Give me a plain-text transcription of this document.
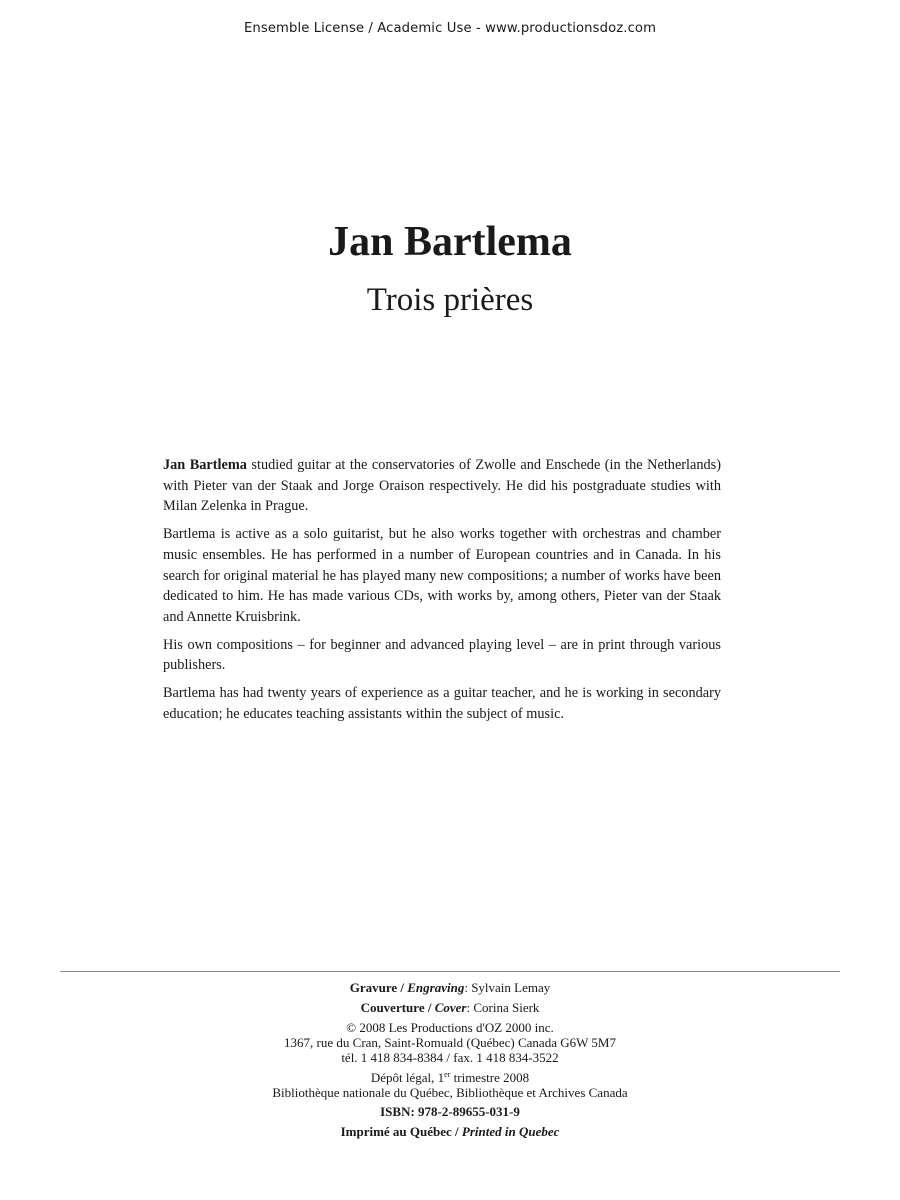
Ensemble License / Academic Use - www.productionsdoz.com
Jan Bartlema
Trois prières

Jan Bartlema studied guitar at the conservatories of Zwolle and Enschede (in the Netherlands) with Pieter van der Staak and Jorge Oraison respectively. He did his postgraduate studies with Milan Zelenka in Prague.

Bartlema is active as a solo guitarist, but he also works together with orchestras and chamber music ensembles. He has performed in a number of European countries and in Canada. In his search for original material he has played many new compositions; a number of works have been dedicated to him. He has made various CDs, with works by, among others, Pieter van der Staak and Annette Kruisbrink.

His own compositions – for beginner and advanced playing level – are in print through various publishers.

Bartlema has had twenty years of experience as a guitar teacher, and he is working in secondary education; he educates teaching assistants within the subject of music.

Gravure / Engraving: Sylvain Lemay
Couverture / Cover: Corina Sierk
© 2008 Les Productions d'OZ 2000 inc.
1367, rue du Cran, Saint-Romuald (Québec) Canada G6W 5M7
tél. 1 418 834-8384 / fax. 1 418 834-3522
Dépôt légal, 1er trimestre 2008
Bibliothèque nationale du Québec, Bibliothèque et Archives Canada
ISBN: 978-2-89655-031-9
Imprimé au Québec / Printed in Quebec
